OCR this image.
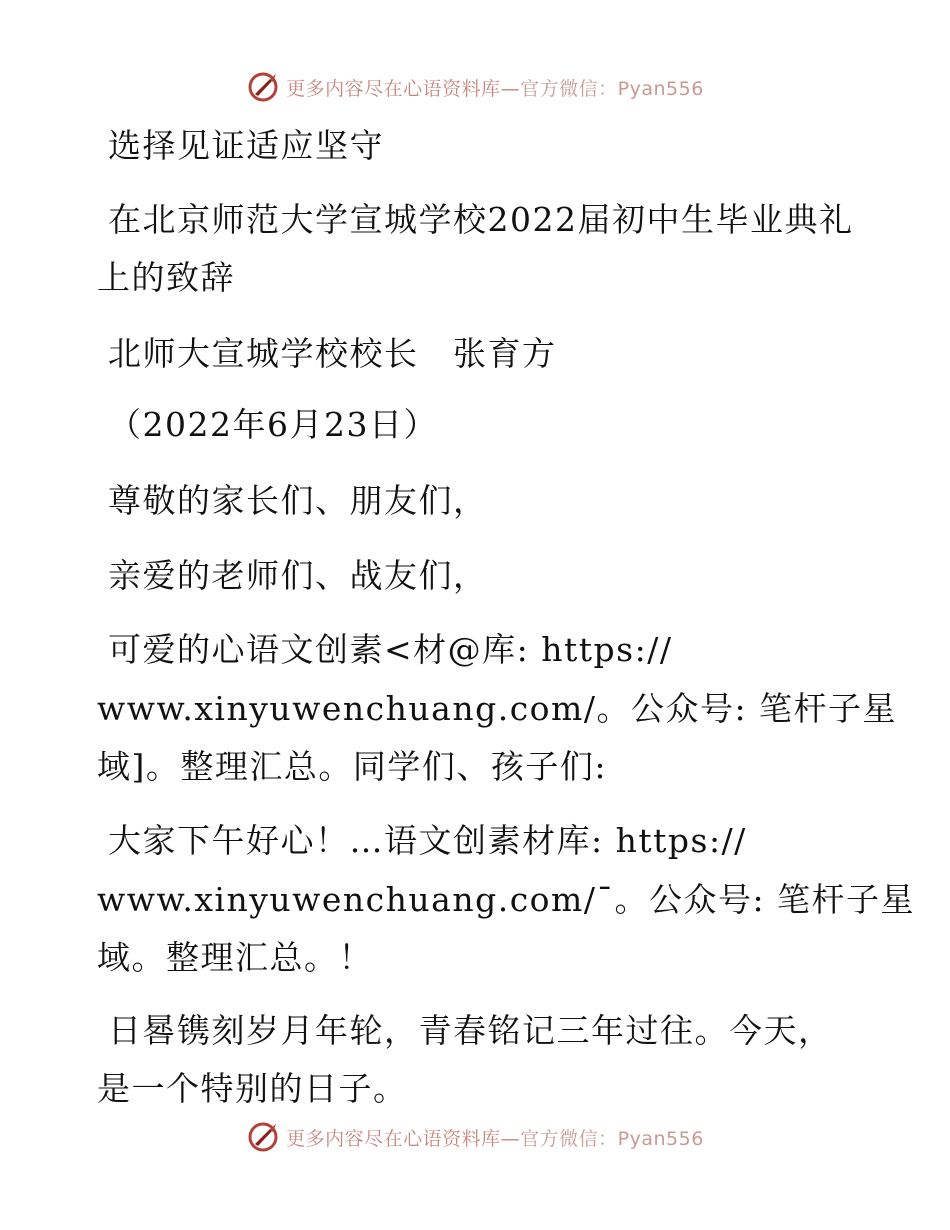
更多内容尽在心语资料库—官方微信：Pyan556
选择见证适应坚守
在北京师范大学宣城学校2022届初中生毕业典礼
上的致辞
北师大宣城学校校长　张育方
（2022年6月23日）
尊敬的家长们、朋友们，
亲爱的老师们、战友们，
可爱的心语文创素<材@库: https://
www.xinyuwenchuang.com/。公众号: 笔杆子星
域]。整理汇总。同学们、孩子们:
大家下午好心！…语文创素材库: https://
www.xinyuwenchuang.com/¯。公众号: 笔杆子星
域。整理汇总。！
日晷镌刻岁月年轮，青春铭记三年过往。今天，
是一个特别的日子。
更多内容尽在心语资料库—官方微信：Pyan556
